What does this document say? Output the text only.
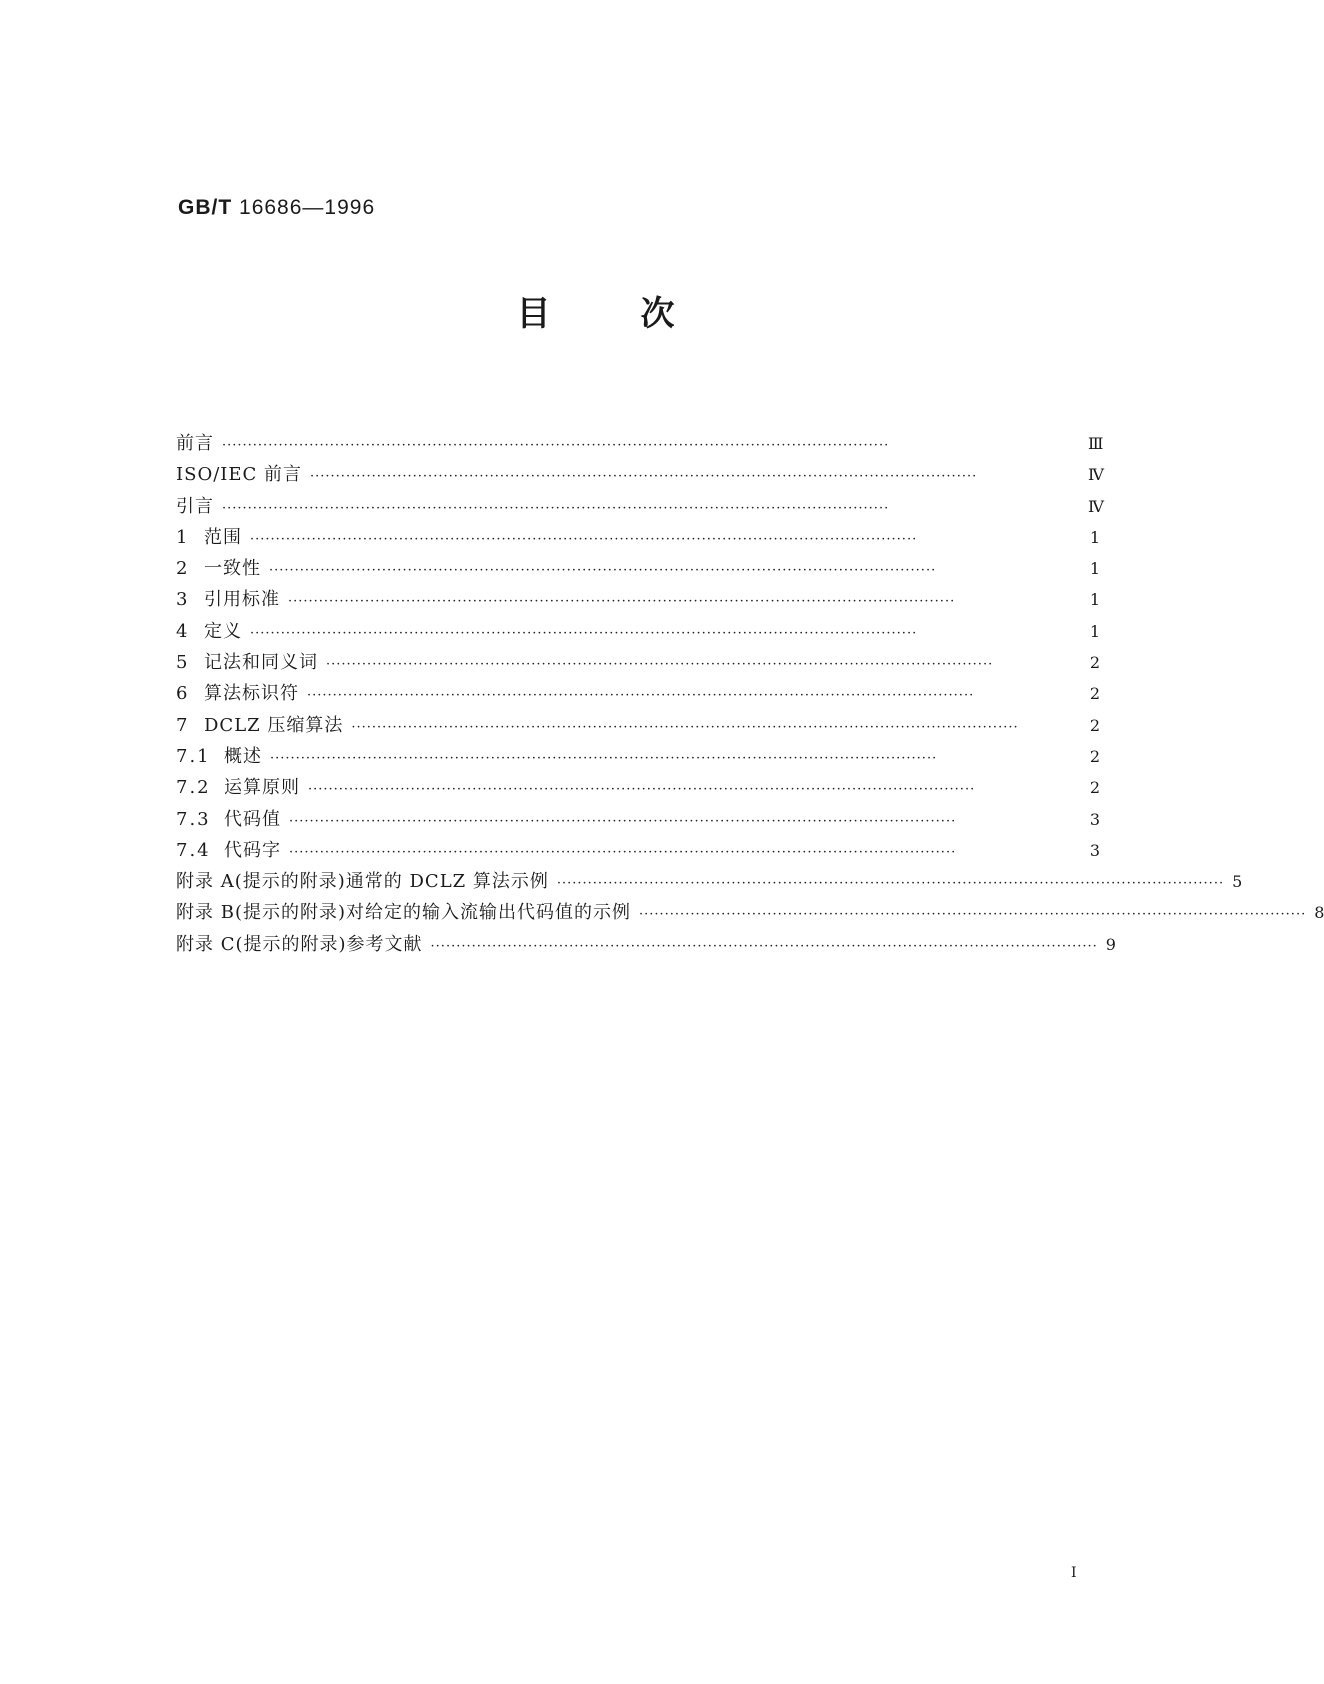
GB/T 16686—1996
目	次
前言 ··································································································································	Ⅲ
ISO/IEC 前言 ··································································································································	Ⅳ
引言 ··································································································································	Ⅳ
1 范围 ··································································································································	1
2 一致性 ··································································································································	1
3 引用标准 ··································································································································	1
4 定义 ··································································································································	1
5 记法和同义词 ··································································································································	2
6 算法标识符 ··································································································································	2
7 DCLZ 压缩算法 ··································································································································	2
7.1 概述 ··································································································································	2
7.2 运算原则 ··································································································································	2
7.3 代码值 ··································································································································	3
7.4 代码字 ··································································································································	3
附录 A(提示的附录)通常的 DCLZ 算法示例 ·································································································································· 5
附录 B(提示的附录)对给定的输入流输出代码值的示例 ·································································································································· 8
附录 C(提示的附录)参考文献 ·································································································································· 9
I
